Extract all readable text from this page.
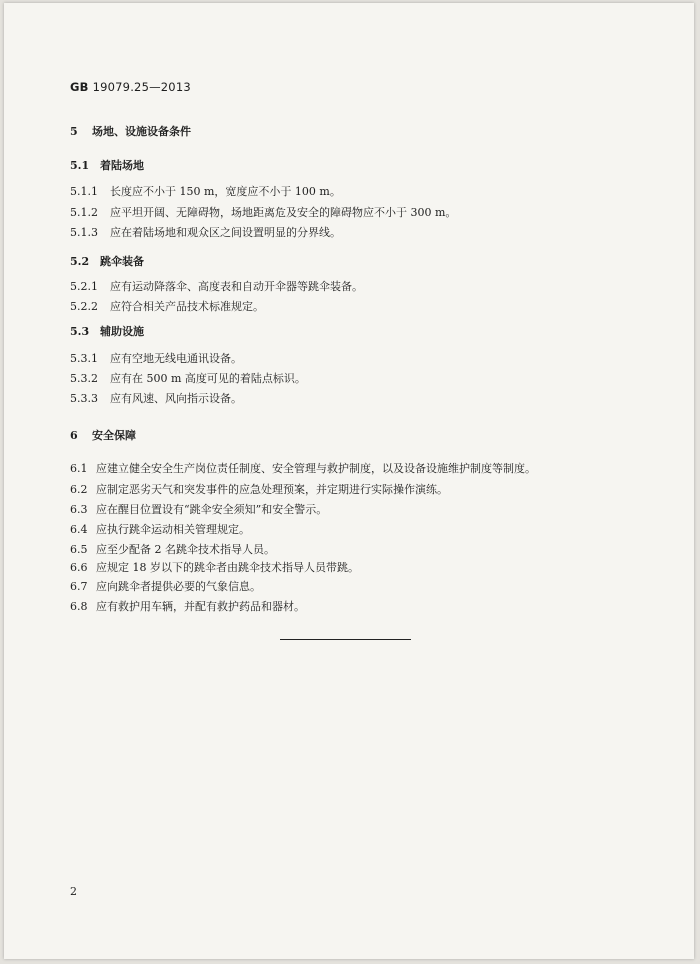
GB 19079.25—2013
5 场地、设施设备条件
5.1 着陆场地
5.1.1 长度应不小于 150 m，宽度应不小于 100 m。
5.1.2 应平坦开阔、无障碍物，场地距离危及安全的障碍物应不小于 300 m。
5.1.3 应在着陆场地和观众区之间设置明显的分界线。
5.2 跳伞装备
5.2.1 应有运动降落伞、高度表和自动开伞器等跳伞装备。
5.2.2 应符合相关产品技术标准规定。
5.3 辅助设施
5.3.1 应有空地无线电通讯设备。
5.3.2 应有在 500 m 高度可见的着陆点标识。
5.3.3 应有风速、风向指示设备。
6 安全保障
6.1 应建立健全安全生产岗位责任制度、安全管理与救护制度，以及设备设施维护制度等制度。
6.2 应制定恶劣天气和突发事件的应急处理预案，并定期进行实际操作演练。
6.3 应在醒目位置设有“跳伞安全须知”和安全警示。
6.4 应执行跳伞运动相关管理规定。
6.5 应至少配备 2 名跳伞技术指导人员。
6.6 应规定 18 岁以下的跳伞者由跳伞技术指导人员带跳。
6.7 应向跳伞者提供必要的气象信息。
6.8 应有救护用车辆，并配有救护药品和器材。
2
